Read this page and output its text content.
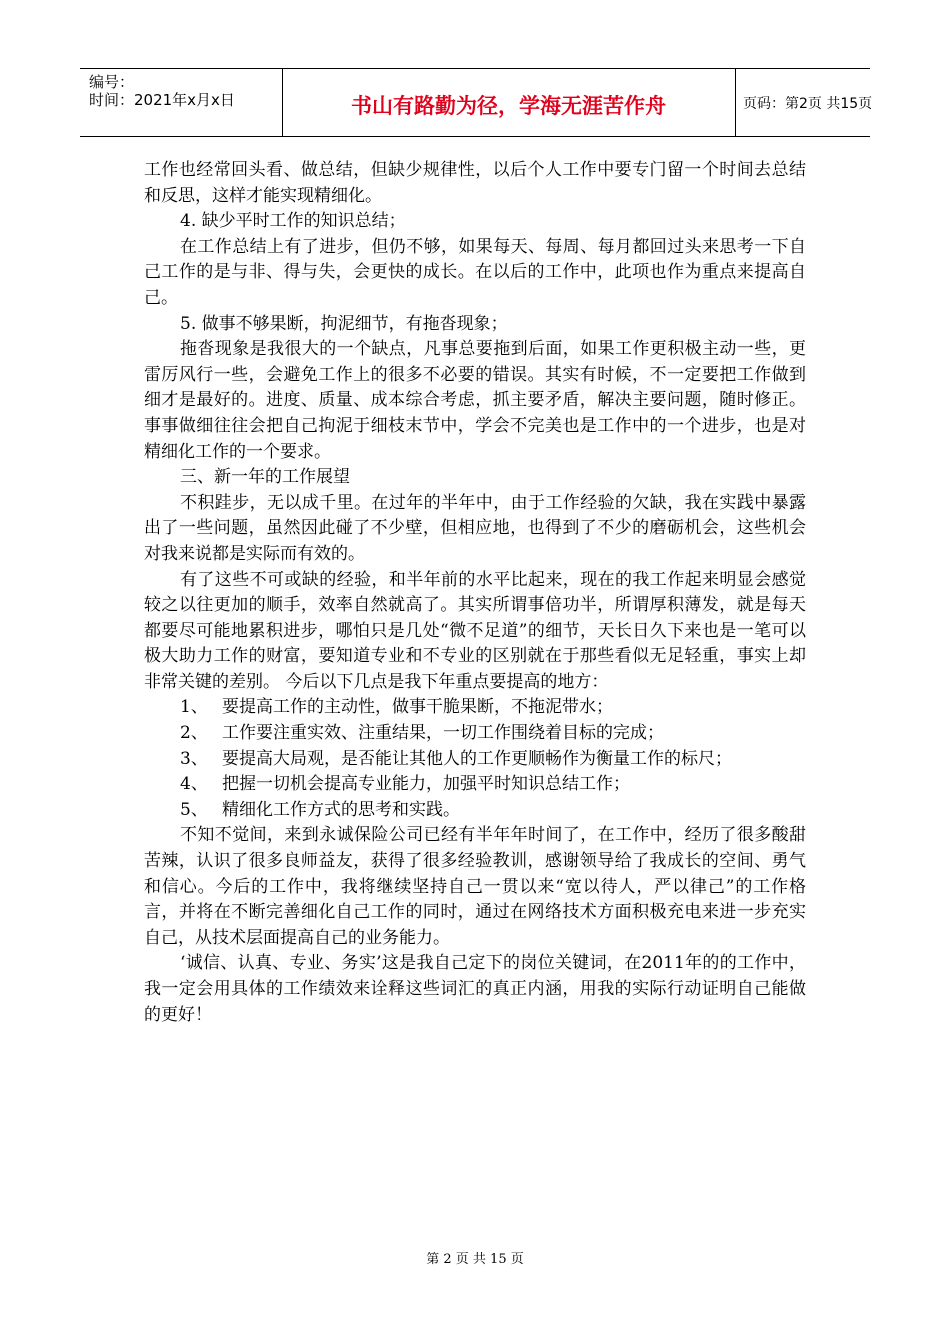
编号：
时间：2021年x月x日	书山有路勤为径，学海无涯苦作舟	页码：第2页 共15页

工作也经常回头看、做总结，但缺少规律性，以后个人工作中要专门留一个时间去总结和反思，这样才能实现精细化。

4. 缺少平时工作的知识总结；

在工作总结上有了进步，但仍不够，如果每天、每周、每月都回过头来思考一下自己工作的是与非、得与失，会更快的成长。在以后的工作中，此项也作为重点来提高自己。

5. 做事不够果断，拘泥细节，有拖沓现象；

拖沓现象是我很大的一个缺点，凡事总要拖到后面，如果工作更积极主动一些，更雷厉风行一些，会避免工作上的很多不必要的错误。其实有时候，不一定要把工作做到细才是最好的。进度、质量、成本综合考虑，抓主要矛盾，解决主要问题，随时修正。事事做细往往会把自己拘泥于细枝末节中，学会不完美也是工作中的一个进步，也是对精细化工作的一个要求。

三、新一年的工作展望

不积跬步，无以成千里。在过年的半年中，由于工作经验的欠缺，我在实践中暴露出了一些问题，虽然因此碰了不少壁，但相应地，也得到了不少的磨砺机会，这些机会对我来说都是实际而有效的。

有了这些不可或缺的经验，和半年前的水平比起来，现在的我工作起来明显会感觉较之以往更加的顺手，效率自然就高了。其实所谓事倍功半，所谓厚积薄发，就是每天都要尽可能地累积进步，哪怕只是几处“微不足道”的细节，天长日久下来也是一笔可以极大助力工作的财富，要知道专业和不专业的区别就在于那些看似无足轻重，事实上却非常关键的差别。 今后以下几点是我下年重点要提高的地方：

1、 要提高工作的主动性，做事干脆果断，不拖泥带水；
2、 工作要注重实效、注重结果，一切工作围绕着目标的完成；
3、 要提高大局观，是否能让其他人的工作更顺畅作为衡量工作的标尺；
4、 把握一切机会提高专业能力，加强平时知识总结工作；
5、 精细化工作方式的思考和实践。

不知不觉间，来到永诚保险公司已经有半年年时间了，在工作中，经历了很多酸甜苦辣，认识了很多良师益友，获得了很多经验教训，感谢领导给了我成长的空间、勇气和信心。今后的工作中，我将继续坚持自己一贯以来“宽以待人，严以律己”的工作格言，并将在不断完善细化自己工作的同时，通过在网络技术方面积极充电来进一步充实自己，从技术层面提高自己的业务能力。

‘诚信、认真、专业、务实’这是我自己定下的岗位关键词，在2011年的的工作中，我一定会用具体的工作绩效来诠释这些词汇的真正内涵，用我的实际行动证明自己能做的更好！

第 2 页 共 15 页
